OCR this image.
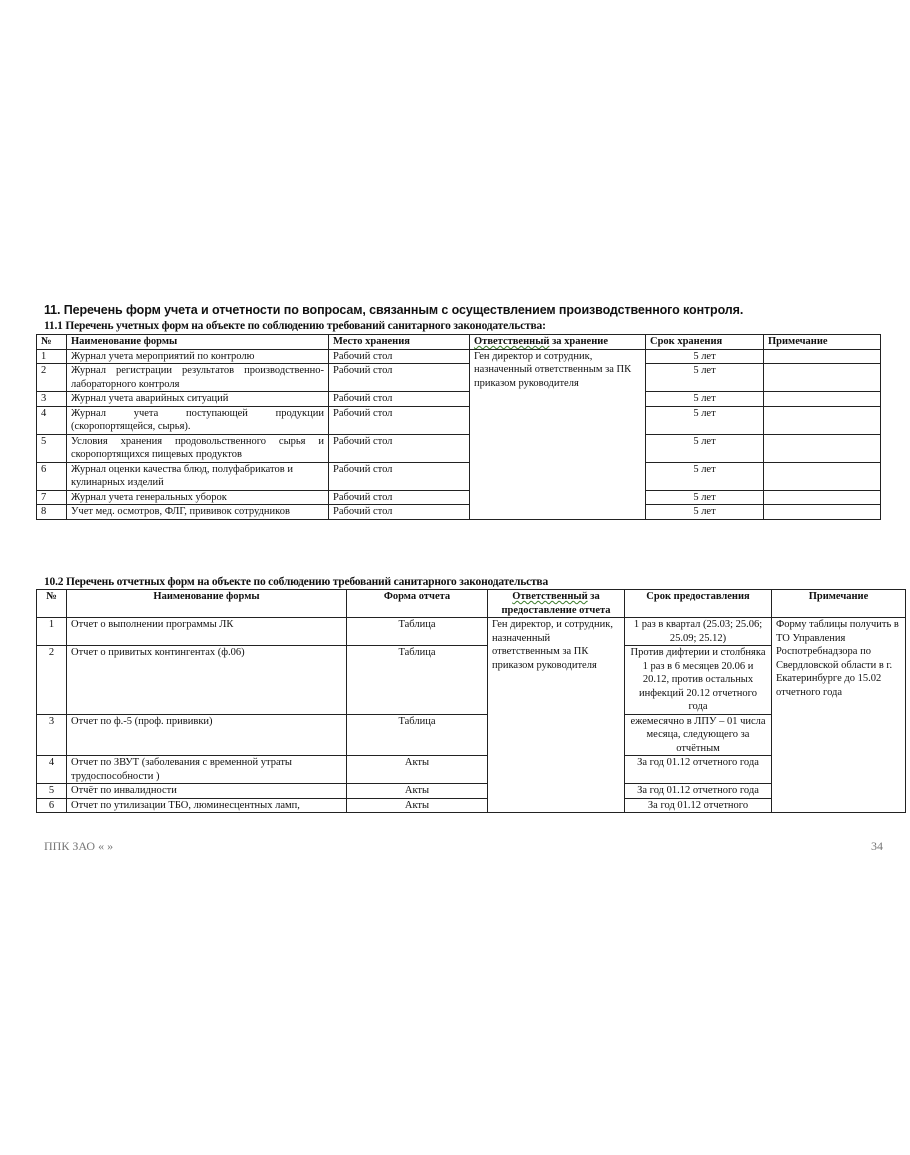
11. Перечень форм учета и отчетности по вопросам, связанным с осуществлением производственного контроля.
11.1 Перечень учетных форм на объекте по соблюдению требований санитарного законодательства:
№	Наименование формы	Место хранения	Ответственный за хранение	Срок хранения	Примечание
1	Журнал учета мероприятий по контролю	Рабочий стол	Ген директор и сотрудник, назначенный ответственным за ПК приказом руководителя	5 лет	
2	Журнал регистрации результатов производственно-лабораторного контроля	Рабочий стол		5 лет	
3	Журнал учета аварийных ситуаций	Рабочий стол		5 лет	
4	Журнал учета поступающей продукции (скоропортящейся, сырья).	Рабочий стол		5 лет	
5	Условия хранения продовольственного сырья и скоропортящихся пищевых продуктов	Рабочий стол		5 лет	
6	Журнал оценки качества блюд, полуфабрикатов и кулинарных изделий	Рабочий стол		5 лет	
7	Журнал учета генеральных уборок	Рабочий стол		5 лет	
8	Учет мед. осмотров, ФЛГ, прививок сотрудников	Рабочий стол		5 лет	
10.2 Перечень отчетных форм на объекте по соблюдению требований санитарного законодательства
№	Наименование формы	Форма отчета	Ответственный за предоставление отчета	Срок предоставления	Примечание
1	Отчет о выполнении программы ЛК	Таблица	Ген директор, и сотрудник, назначенный ответственным за ПК приказом руководителя	1 раз в квартал (25.03; 25.06; 25.09; 25.12)	Форму таблицы получить в ТО Управления Роспотребнадзора по Свердловской области в г. Екатеринбурге до 15.02 отчетного года
2	Отчет о привитых контингентах (ф.06)	Таблица		Против дифтерии и столбняка 1 раз в 6 месяцев 20.06 и 20.12, против остальных инфекций 20.12 отчетного года	
3	Отчет по ф.-5 (проф. прививки)	Таблица		ежемесячно в ЛПУ – 01 числа месяца, следующего за отчётным	
4	Отчет по ЗВУТ (заболевания с временной утраты трудоспособности )	Акты		За год 01.12 отчетного года	
5	Отчёт по инвалидности	Акты		За год 01.12 отчетного года	
6	Отчет по утилизации ТБО, люминесцентных ламп,	Акты		За год 01.12 отчетного	
ППК ЗАО « »	34
